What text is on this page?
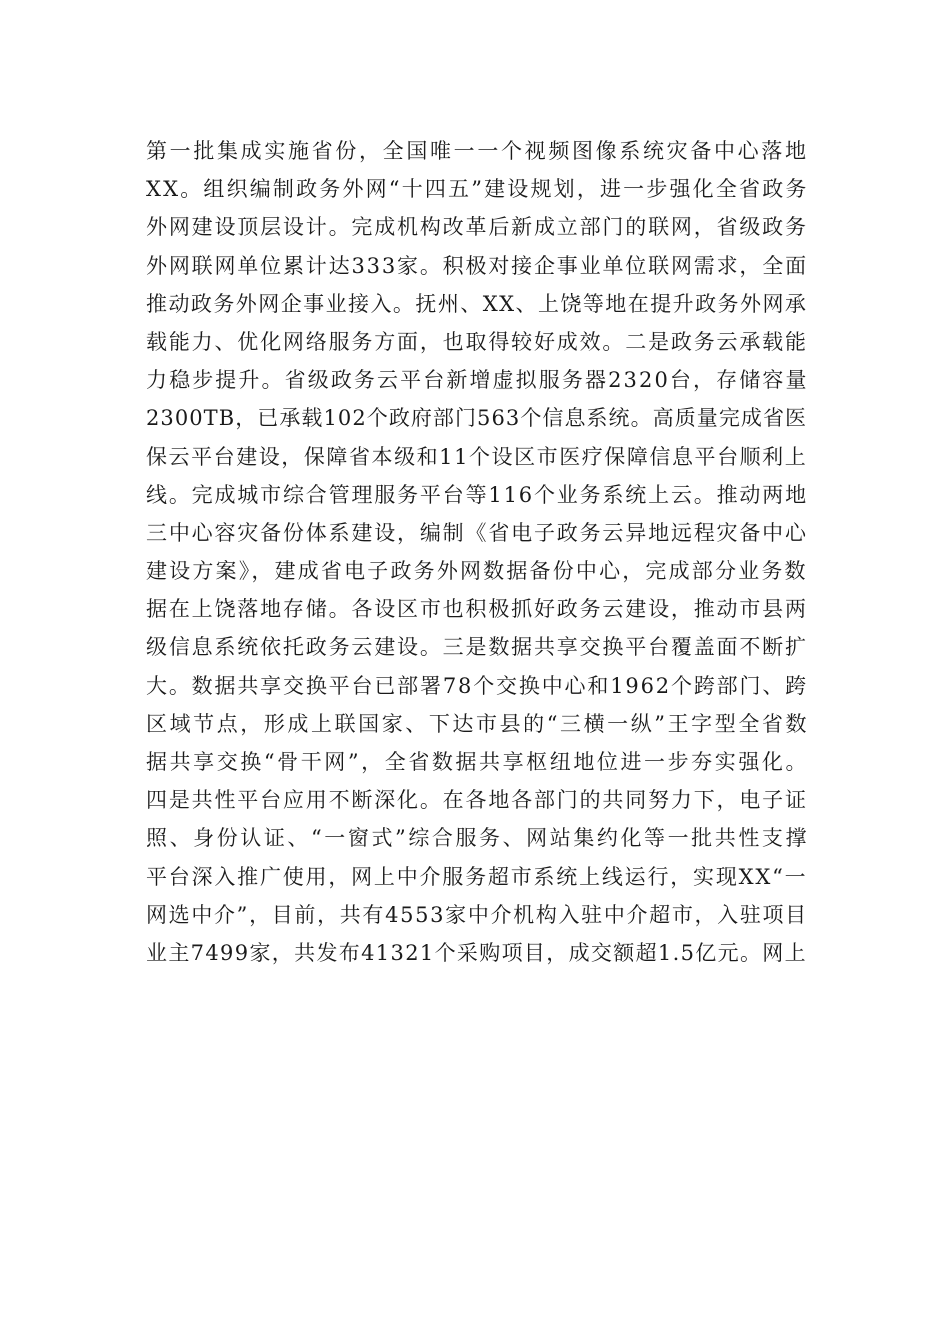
第一批集成实施省份，全国唯一一个视频图像系统灾备中心落地
XX。组织编制政务外网“十四五”建设规划，进一步强化全省政务
外网建设顶层设计。完成机构改革后新成立部门的联网，省级政务
外网联网单位累计达333家。积极对接企事业单位联网需求，全面
推动政务外网企事业接入。抚州、XX、上饶等地在提升政务外网承
载能力、优化网络服务方面，也取得较好成效。二是政务云承载能
力稳步提升。省级政务云平台新增虚拟服务器2320台，存储容量
2300TB，已承载102个政府部门563个信息系统。高质量完成省医
保云平台建设，保障省本级和11个设区市医疗保障信息平台顺利上
线。完成城市综合管理服务平台等116个业务系统上云。推动两地
三中心容灾备份体系建设，编制《省电子政务云异地远程灾备中心
建设方案》，建成省电子政务外网数据备份中心，完成部分业务数
据在上饶落地存储。各设区市也积极抓好政务云建设，推动市县两
级信息系统依托政务云建设。三是数据共享交换平台覆盖面不断扩
大。数据共享交换平台已部署78个交换中心和1962个跨部门、跨
区域节点，形成上联国家、下达市县的“三横一纵”王字型全省数
据共享交换“骨干网”，全省数据共享枢纽地位进一步夯实强化。
四是共性平台应用不断深化。在各地各部门的共同努力下，电子证
照、身份认证、“一窗式”综合服务、网站集约化等一批共性支撑
平台深入推广使用，网上中介服务超市系统上线运行，实现XX“一
网选中介”，目前，共有4553家中介机构入驻中介超市，入驻项目
业主7499家，共发布41321个采购项目，成交额超1.5亿元。网上
